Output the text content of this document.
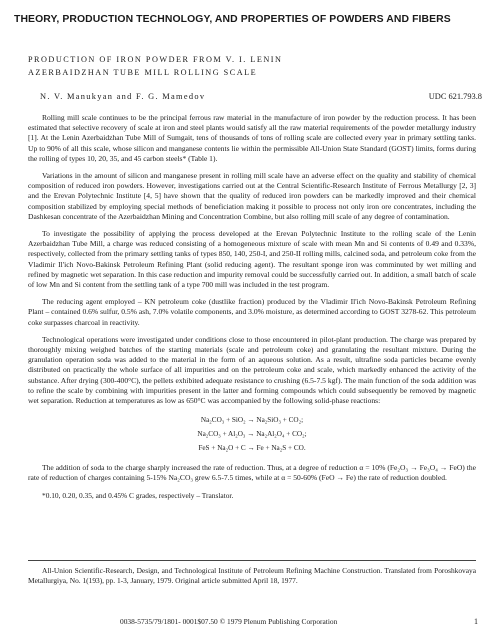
THEORY, PRODUCTION TECHNOLOGY, AND PROPERTIES OF POWDERS AND FIBERS
PRODUCTION OF IRON POWDER FROM V. I. LENIN
AZERBAIDZHAN TUBE MILL ROLLING SCALE
N. V. Manukyan and F. G. Mamedov	UDC 621.793.8

Rolling mill scale continues to be the principal ferrous raw material in the manufacture of iron powder by the reduction process. It has been estimated that selective recovery of scale at iron and steel plants would satisfy all the raw material requirements of the powder metallurgy industry [1]. At the Lenin Azerbaidzhan Tube Mill of Sumgait, tens of thousands of tons of rolling scale are collected every year in primary settling tanks. Up to 90% of all this scale, whose silicon and manganese contents lie within the permissible All-Union State Standard (GOST) limits, forms during the rolling of types 10, 20, 35, and 45 carbon steels* (Table 1).

Variations in the amount of silicon and manganese present in rolling mill scale have an adverse effect on the quality and stability of chemical composition of reduced iron powders. However, investigations carried out at the Central Scientific-Research Institute of Ferrous Metallurgy [2, 3] and the Erevan Polytechnic Institute [4, 5] have shown that the quality of reduced iron powders can be markedly improved and their chemical composition stabilized by employing special methods of beneficiation making it possible to process not only iron ore concentrates, including the Dashkesan concentrate of the Azerbaidzhan Mining and Concentration Combine, but also rolling mill scale of any degree of contamination.

To investigate the possibility of applying the process developed at the Erevan Polytechnic Institute to the rolling scale of the Lenin Azerbaidzhan Tube Mill, a charge was reduced consisting of a homogeneous mixture of scale with mean Mn and Si contents of 0.49 and 0.33%, respectively, collected from the primary settling tanks of types 850, 140, 250-I, and 250-II rolling mills, calcined soda, and petroleum coke from the Vladimir Il'ich Novo-Bakinsk Petroleum Refining Plant (solid reducing agent). The resultant sponge iron was comminuted by wet milling and refined by magnetic wet separation. In this case reduction and impurity removal could be successfully carried out. In addition, a small batch of scale of low Mn and Si content from the settling tank of a type 700 mill was included in the test program.

The reducing agent employed – KN petroleum coke (dustlike fraction) produced by the Vladimir Il'ich Novo-Bakinsk Petroleum Refining Plant – contained 0.6% sulfur, 0.5% ash, 7.0% volatile components, and 3.0% moisture, as determined according to GOST 3278-62. This petroleum coke surpasses charcoal in reactivity.

Technological operations were investigated under conditions close to those encountered in pilot-plant production. The charge was prepared by thoroughly mixing weighed batches of the starting materials (scale and petroleum coke) and granulating the resultant mixture. During the granulation operation soda was added to the material in the form of an aqueous solution. As a result, ultrafine soda particles became evenly distributed on practically the whole surface of all impurities and on the petroleum coke and scale, which markedly enhanced the activity of the substance. After drying (300-400°C), the pellets exhibited adequate resistance to crushing (6.5-7.5 kgf). The main function of the soda addition was to refine the scale by combining with impurities present in the latter and forming compounds which could subsequently be removed by magnetic wet separation. Reduction at temperatures as low as 650°C was accompanied by the following solid-phase reactions:

Na₂CO₃ + SiO₂ → Na₂SiO₃ + CO₂;
Na₂CO₃ + Al₂O₃ → Na₂Al₂O₄ + CO₂;
FeS + Na₂O + C → Fe + Na₂S + CO.

The addition of soda to the charge sharply increased the rate of reduction. Thus, at a degree of reduction α = 10% (Fe₂O₃ → Fe₃O₄ → FeO) the rate of reduction of charges containing 5-15% Na₂CO₃ grew 6.5-7.5 times, while at α = 50-60% (FeO → Fe) the rate of reduction doubled.

*0.10, 0.20, 0.35, and 0.45% C grades, respectively – Translator.

All-Union Scientific-Research, Design, and Technological Institute of Petroleum Refining Machine Construction. Translated from Poroshkovaya Metallurgiya, No. 1(193), pp. 1-3, January, 1979. Original article submitted April 18, 1977.
0038-5735/79/1801- 0001$07.50 © 1979 Plenum Publishing Corporation	1
